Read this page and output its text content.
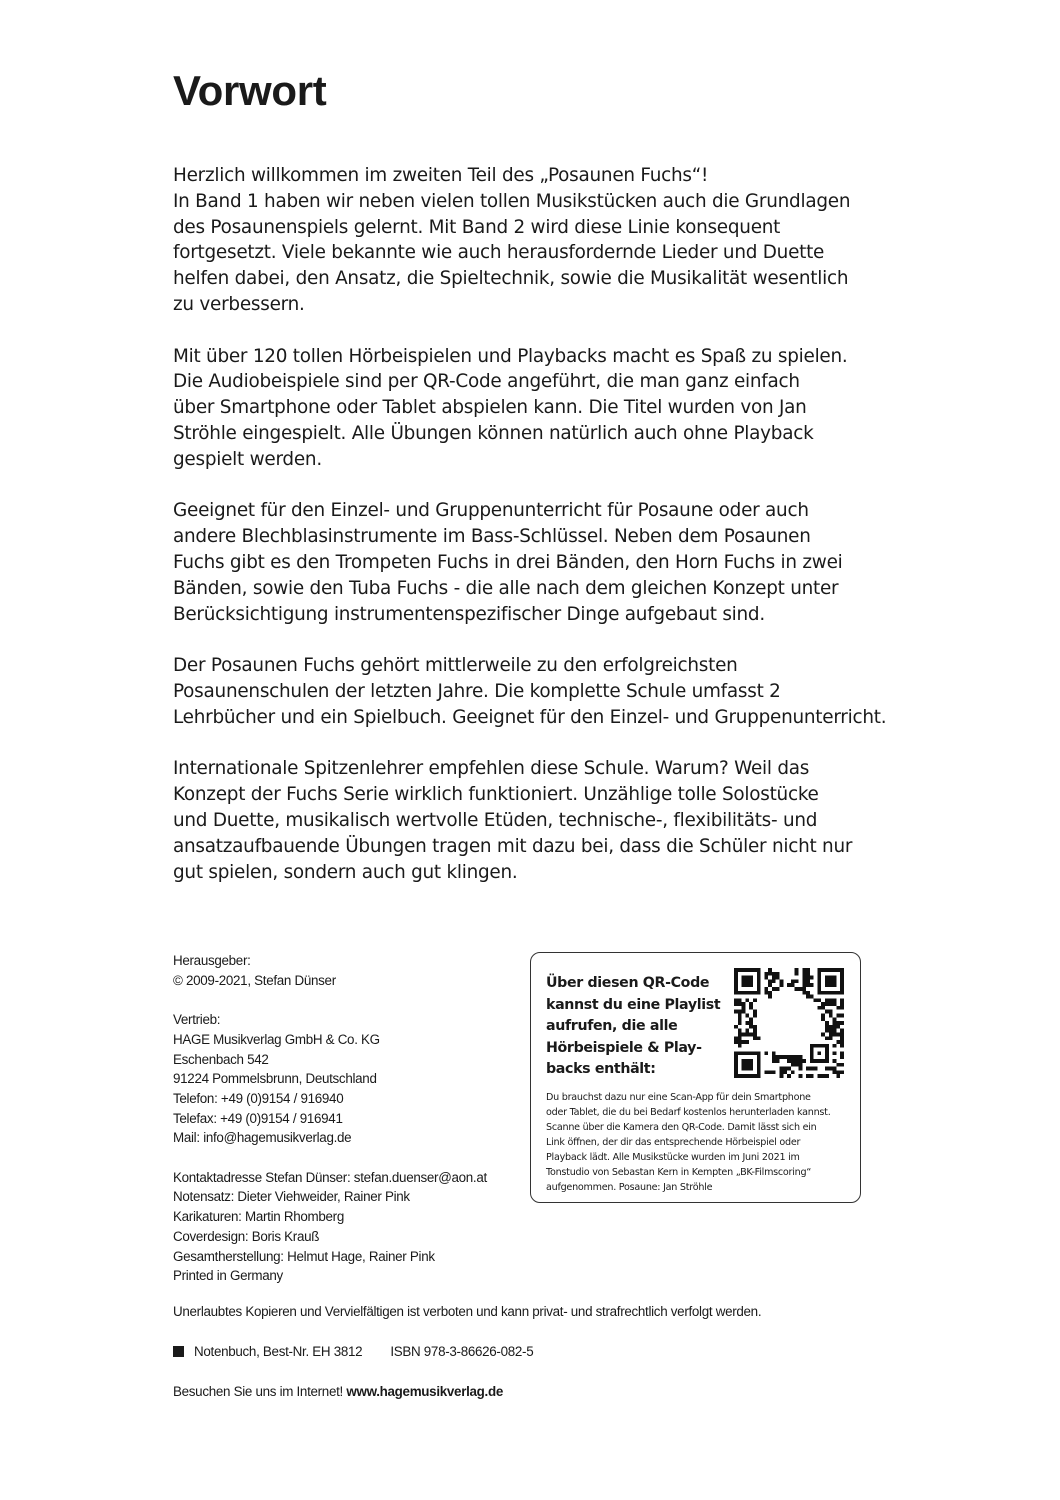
Vorwort

Herzlich willkommen im zweiten Teil des „Posaunen Fuchs“!
In Band 1 haben wir neben vielen tollen Musikstücken auch die Grundlagen
des Posaunenspiels gelernt. Mit Band 2 wird diese Linie konsequent
fortgesetzt. Viele bekannte wie auch herausfordernde Lieder und Duette
helfen dabei, den Ansatz, die Spieltechnik, sowie die Musikalität wesentlich
zu verbessern.

Mit über 120 tollen Hörbeispielen und Playbacks macht es Spaß zu spielen.
Die Audiobeispiele sind per QR-Code angeführt, die man ganz einfach
über Smartphone oder Tablet abspielen kann. Die Titel wurden von Jan
Ströhle eingespielt. Alle Übungen können natürlich auch ohne Playback
gespielt werden.

Geeignet für den Einzel- und Gruppenunterricht für Posaune oder auch
andere Blechblasinstrumente im Bass-Schlüssel. Neben dem Posaunen
Fuchs gibt es den Trompeten Fuchs in drei Bänden, den Horn Fuchs in zwei
Bänden, sowie den Tuba Fuchs - die alle nach dem gleichen Konzept unter
Berücksichtigung instrumentenspezifischer Dinge aufgebaut sind.

Der Posaunen Fuchs gehört mittlerweile zu den erfolgreichsten
Posaunenschulen der letzten Jahre. Die komplette Schule umfasst 2
Lehrbücher und ein Spielbuch. Geeignet für den Einzel- und Gruppenunterricht.

Internationale Spitzenlehrer empfehlen diese Schule. Warum? Weil das
Konzept der Fuchs Serie wirklich funktioniert. Unzählige tolle Solostücke
und Duette, musikalisch wertvolle Etüden, technische-, flexibilitäts- und
ansatzaufbauende Übungen tragen mit dazu bei, dass die Schüler nicht nur
gut spielen, sondern auch gut klingen.

Herausgeber:
© 2009-2021, Stefan Dünser
Vertrieb:
HAGE Musikverlag GmbH & Co. KG
Eschenbach 542
91224 Pommelsbrunn, Deutschland
Telefon: +49 (0)9154 / 916940
Telefax: +49 (0)9154 / 916941
Mail: info@hagemusikverlag.de
Kontaktadresse Stefan Dünser: stefan.duenser@aon.at
Notensatz: Dieter Viehweider, Rainer Pink
Karikaturen: Martin Rhomberg
Coverdesign: Boris Krauß
Gesamtherstellung: Helmut Hage, Rainer Pink
Printed in Germany
Über diesen QR-Code
kannst du eine Playlist
aufrufen, die alle
Hörbeispiele & Play-
backs enthält:
Du brauchst dazu nur eine Scan-App für dein Smartphone
oder Tablet, die du bei Bedarf kostenlos herunterladen kannst.
Scanne über die Kamera den QR-Code. Damit lässt sich ein
Link öffnen, der dir das entsprechende Hörbeispiel oder
Playback lädt. Alle Musikstücke wurden im Juni 2021 im
Tonstudio von Sebastan Kern in Kempten „BK-Filmscoring“
aufgenommen. Posaune: Jan Ströhle
Unerlaubtes Kopieren und Vervielfältigen ist verboten und kann privat- und strafrechtlich verfolgt werden.
Notenbuch, Best-Nr. EH 3812 ISBN 978-3-86626-082-5
Besuchen Sie uns im Internet! www.hagemusikverlag.de
